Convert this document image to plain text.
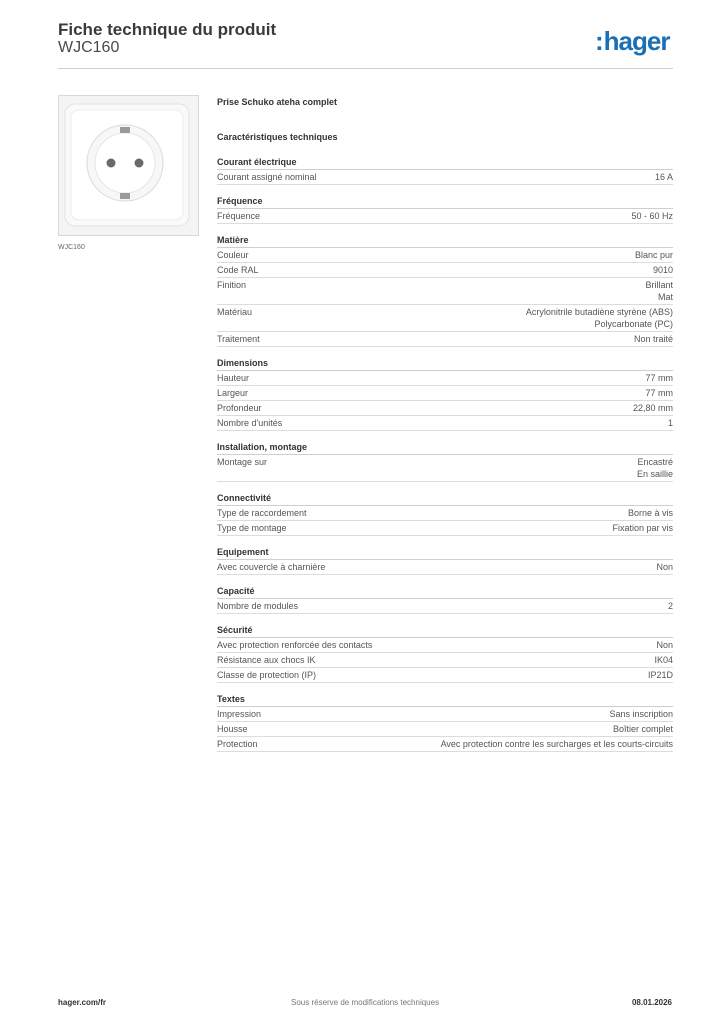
Fiche technique du produit
WJC160	:hager
WJC160
Prise Schuko ateha complet
Caractéristiques techniques
Courant électrique
Courant assigné nominal	16 A
Fréquence
Fréquence	50 - 60 Hz
Matière
Couleur	Blanc pur
Code RAL	9010
Finition	Brillant
Mat
Matériau	Acrylonitrile butadiène styrène (ABS)
Polycarbonate (PC)
Traitement	Non traité
Dimensions
Hauteur	77 mm
Largeur	77 mm
Profondeur	22,80 mm
Nombre d'unités	1
Installation, montage
Montage sur	Encastré
En saillie
Connectivité
Type de raccordement	Borne à vis
Type de montage	Fixation par vis
Equipement
Avec couvercle à charnière	Non
Capacité
Nombre de modules	2
Sécurité
Avec protection renforcée des contacts	Non
Résistance aux chocs IK	IK04
Classe de protection (IP)	IP21D
Textes
Impression	Sans inscription
Housse	Boîtier complet
Protection	Avec protection contre les surcharges et les courts-circuits
hager.com/fr	Sous réserve de modifications techniques	08.01.2026
